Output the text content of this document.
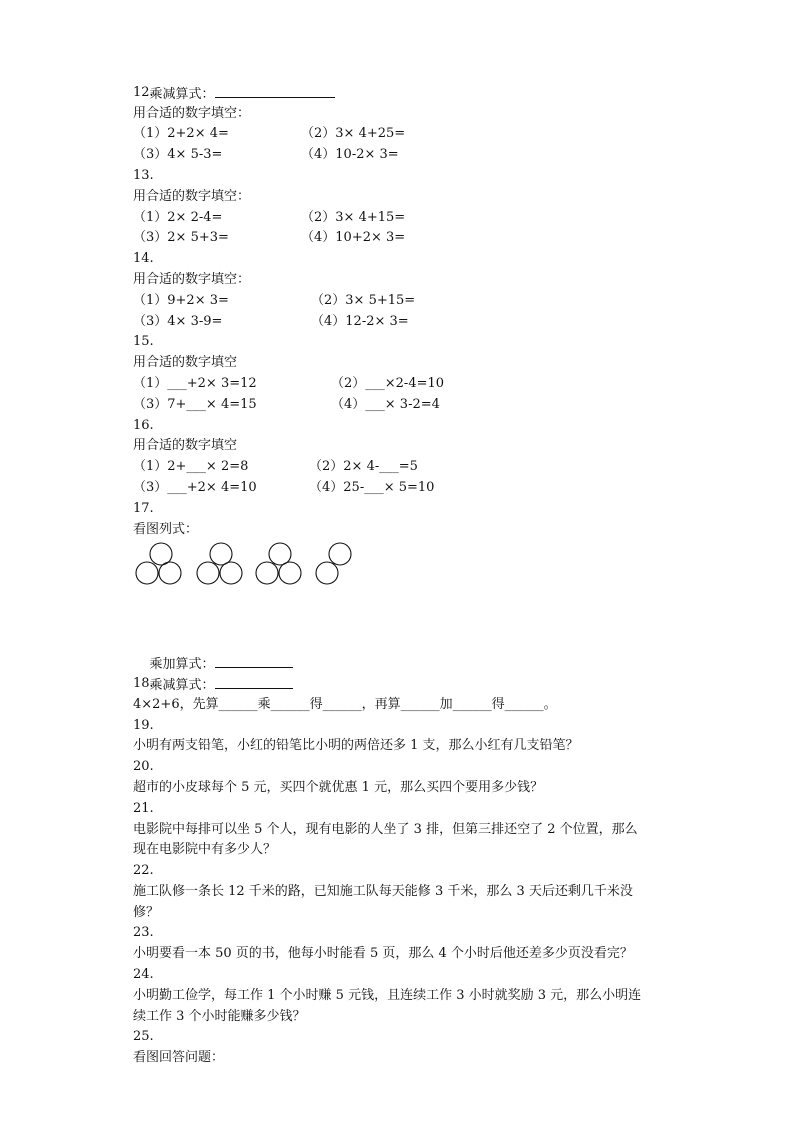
乘减算式：

12.
用合适的数字填空：
（1）2+2× 4=	（2）3× 4+25=
（3）4× 5-3=	（4）10-2× 3=
13.
用合适的数字填空：
（1）2× 2-4=	（2）3× 4+15=
（3）2× 5+3=	（4）10+2× 3=
14.
用合适的数字填空：
（1）9+2× 3=	（2）3× 5+15=
（3）4× 3-9=	（4）12-2× 3=
15.
用合适的数字填空
（1）___+2× 3=12	（2）___×2-4=10
（3）7+___× 4=15	（4）___× 3-2=4
16.
用合适的数字填空
（1）2+___× 2=8	（2）2× 4-___=5
（3）___+2× 4=10	（4）25-___× 5=10
17.
看图列式：

乘加算式：

乘减算式：

18.
4×2+6，先算______乘______得______，再算______加______得______。
19.
小明有两支铅笔，小红的铅笔比小明的两倍还多 1 支，那么小红有几支铅笔？
20.
超市的小皮球每个 5 元，买四个就优惠 1 元，那么买四个要用多少钱？
21.
电影院中每排可以坐 5 个人，现有电影的人坐了 3 排，但第三排还空了 2 个位置，那么
现在电影院中有多少人？
22.
施工队修一条长 12 千米的路，已知施工队每天能修 3 千米，那么 3 天后还剩几千米没
修？
23.
小明要看一本 50 页的书，他每小时能看 5 页，那么 4 个小时后他还差多少页没看完？
24.
小明勤工俭学，每工作 1 个小时赚 5 元钱，且连续工作 3 小时就奖励 3 元，那么小明连
续工作 3 个小时能赚多少钱？
25.
看图回答问题：
